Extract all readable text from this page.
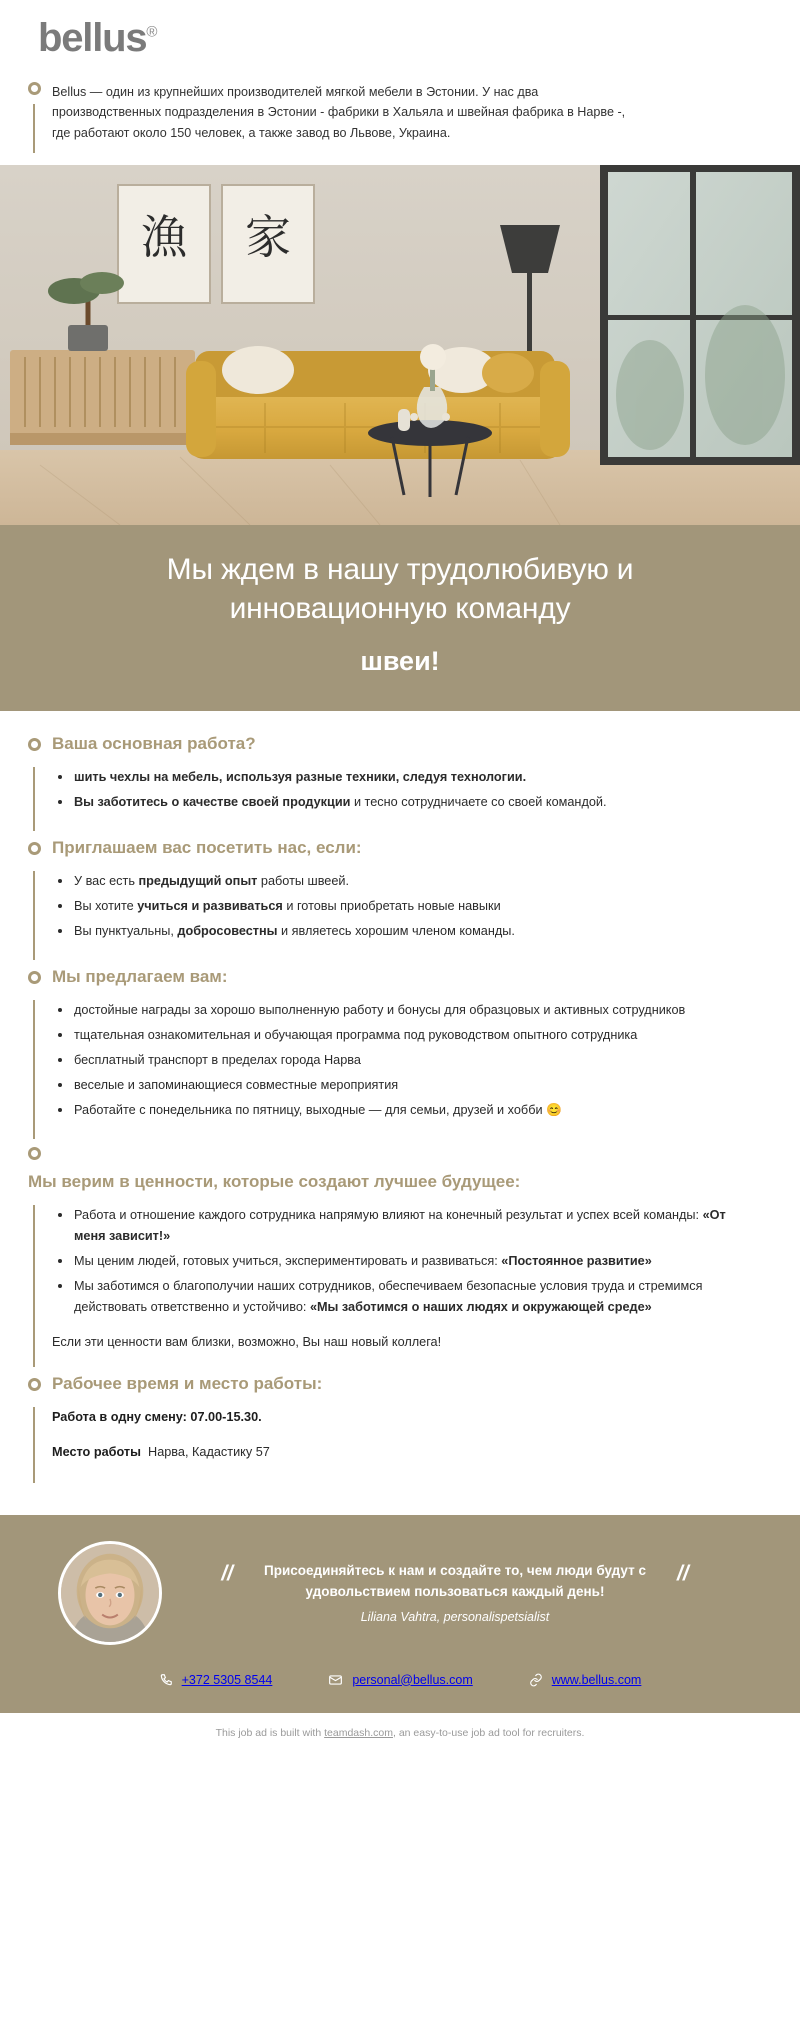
bellus®

Bellus — один из крупнейших производителей мягкой мебели в Эстонии. У нас два производственных подразделения в Эстонии - фабрики в Хальяла и швейная фабрика в Нарве -, где работают около 150 человек, а также завод во Львове, Украина.

漁 家
Мы ждем в нашу трудолюбивую и инновационную команду
швеи!
Ваша основная работа?
шить чехлы на мебель, используя разные техники, следуя технологии.
Вы заботитесь о качестве своей продукции и тесно сотрудничаете со своей командой.
Приглашаем вас посетить нас, если:
У вас есть предыдущий опыт работы швеей.
Вы хотите учиться и развиваться и готовы приобретать новые навыки
Вы пунктуальны, добросовестны и являетесь хорошим членом команды.
Мы предлагаем вам:
достойные награды за хорошо выполненную работу и бонусы для образцовых и активных сотрудников
тщательная ознакомительная и обучающая программа под руководством опытного сотрудника
бесплатный транспорт в пределах города Нарва
веселые и запоминающиеся совместные мероприятия
Работайте с понедельника по пятницу, выходные — для семьи, друзей и хобби 😊
Мы верим в ценности, которые создают лучшее будущее:
Работа и отношение каждого сотрудника напрямую влияют на конечный результат и успех всей команды: «От меня зависит!»
Мы ценим людей, готовых учиться, экспериментировать и развиваться: «Постоянное развитие»
Мы заботимся о благополучии наших сотрудников, обеспечиваем безопасные условия труда и стремимся действовать ответственно и устойчиво: «Мы заботимся о наших людях и окружающей среде»

Если эти ценности вам близки, возможно, Вы наш новый коллега!

Рабочее время и место работы:
Работа в одну смену: 07.00-15.30.
Место работы Нарва, Кадастику 57
//	Присоединяйтесь к нам и создайте то, чем люди будут с удовольствием пользоваться каждый день!
//
Liliana Vahtra, personalispetsialist
+372 5305 8544	personal@bellus.com	www.bellus.com
This job ad is built with teamdash.com, an easy-to-use job ad tool for recruiters.
